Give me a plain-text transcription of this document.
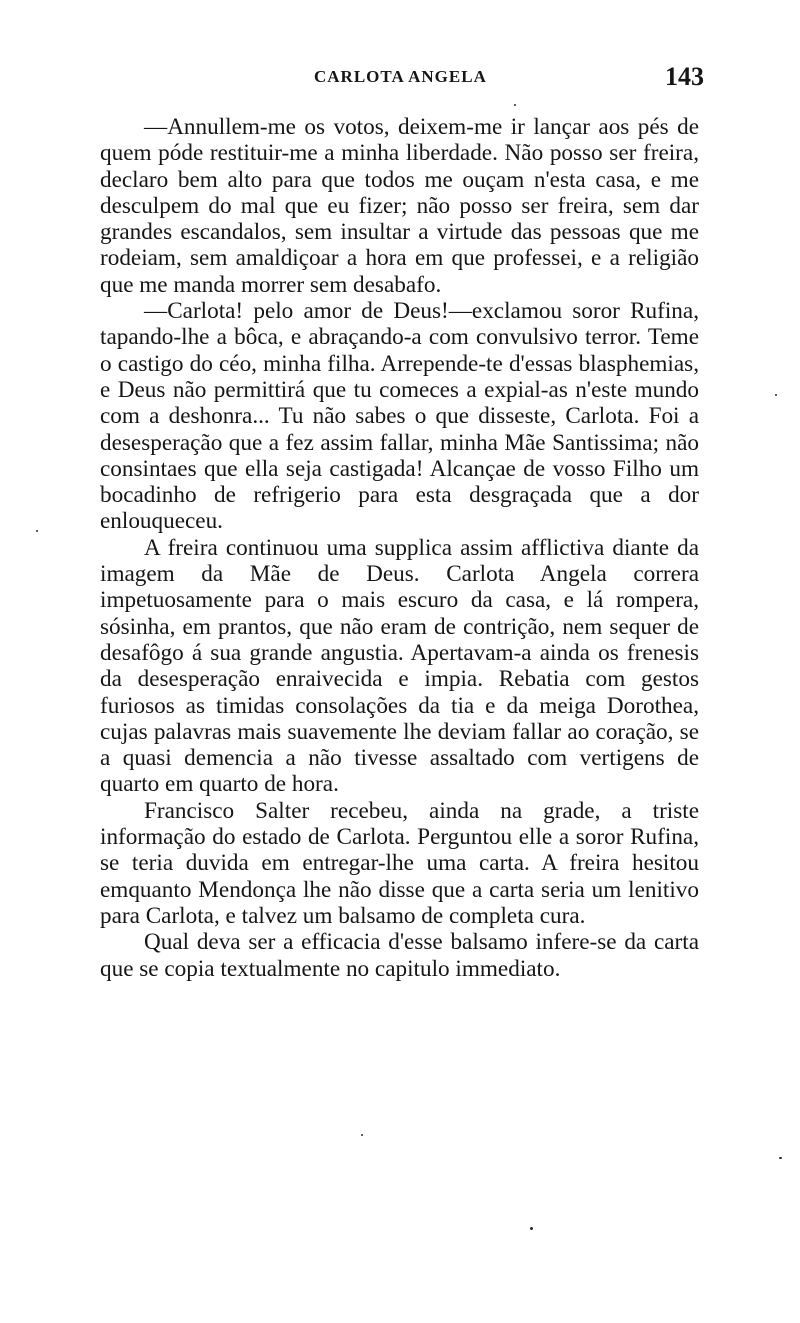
CARLOTA ANGELA	143

—Annullem-me os votos, deixem-me ir lançar aos pés de quem póde restituir-me a minha liberdade. Não posso ser freira, declaro bem alto para que todos me ouçam n'esta casa, e me desculpem do mal que eu fizer; não posso ser freira, sem dar grandes escandalos, sem insultar a virtude das pessoas que me rodeiam, sem amaldiçoar a hora em que professei, e a religião que me manda morrer sem desabafo.

—Carlota! pelo amor de Deus!—exclamou soror Rufina, tapando-lhe a bôca, e abraçando-a com convulsivo terror. Teme o castigo do céo, minha filha. Arrepende-te d'essas blasphemias, e Deus não permittirá que tu comeces a expial-as n'este mundo com a deshonra... Tu não sabes o que disseste, Carlota. Foi a desesperação que a fez assim fallar, minha Mãe Santissima; não consintaes que ella seja castigada! Alcançae de vosso Filho um bocadinho de refrigerio para esta desgraçada que a dor enlouqueceu.

A freira continuou uma supplica assim afflictiva diante da imagem da Mãe de Deus. Carlota Angela correra impetuosamente para o mais escuro da casa, e lá rompera, sósinha, em prantos, que não eram de contrição, nem sequer de desafôgo á sua grande angustia. Apertavam-a ainda os frenesis da desesperação enraivecida e impia. Rebatia com gestos furiosos as timidas consolações da tia e da meiga Dorothea, cujas palavras mais suavemente lhe deviam fallar ao coração, se a quasi demencia a não tivesse assaltado com vertigens de quarto em quarto de hora.

Francisco Salter recebeu, ainda na grade, a triste informação do estado de Carlota. Perguntou elle a soror Rufina, se teria duvida em entregar-lhe uma carta. A freira hesitou emquanto Mendonça lhe não disse que a carta seria um lenitivo para Carlota, e talvez um balsamo de completa cura.

Qual deva ser a efficacia d'esse balsamo infere-se da carta que se copia textualmente no capitulo immediato.
